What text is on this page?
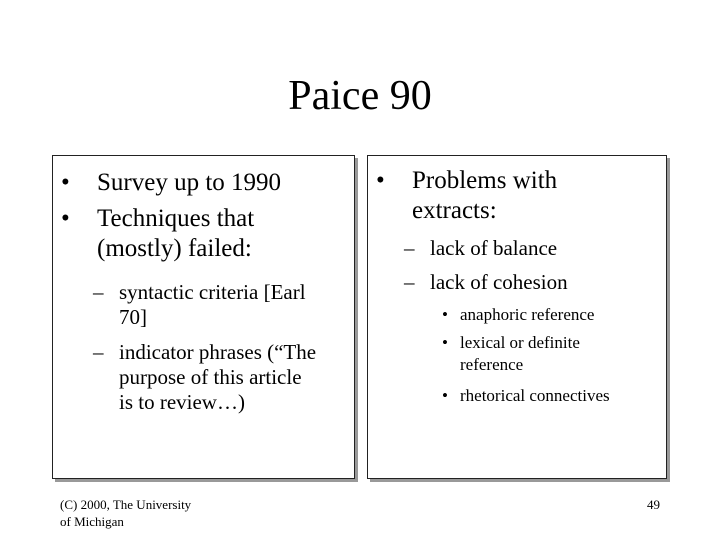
Paice 90
•	Survey up to 1990
•	Techniques that
(mostly) failed:
– syntactic criteria [Earl
70]
– indicator phrases (“The
purpose of this article
is to review…)
•	Problems with
extracts:
– lack of balance
– lack of cohesion
• anaphoric reference
• lexical or definite
reference
• rhetorical connectives
(C) 2000, The University
of Michigan
49
